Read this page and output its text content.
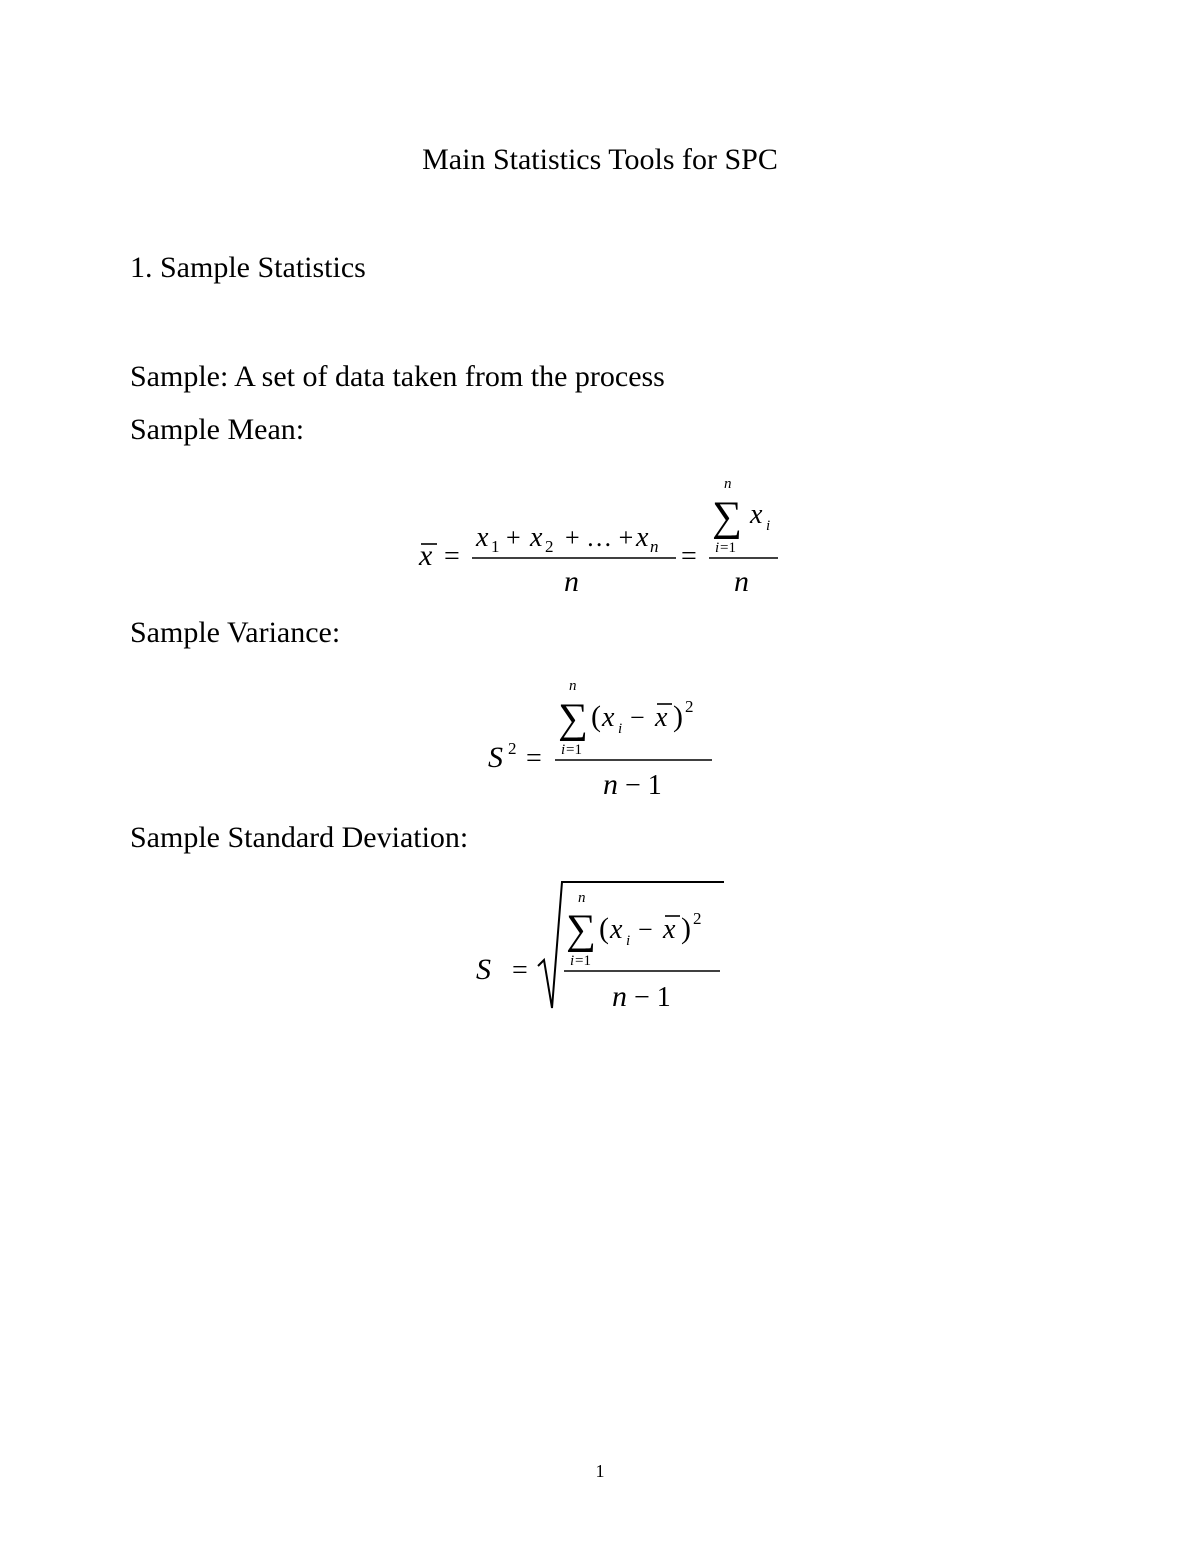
Main Statistics Tools for SPC
1. Sample Statistics
Sample: A set of data taken from the process
Sample Mean:
x =
x 1 + x 2 + … + x n
n
=
n
∑ x i
i =1
n
Sample Variance:
S 2 =
n
∑ ( x i − x ) 2
i =1
n − 1
Sample Standard Deviation:
S =
n
∑ ( x i − x ) 2
i =1
n − 1
1
